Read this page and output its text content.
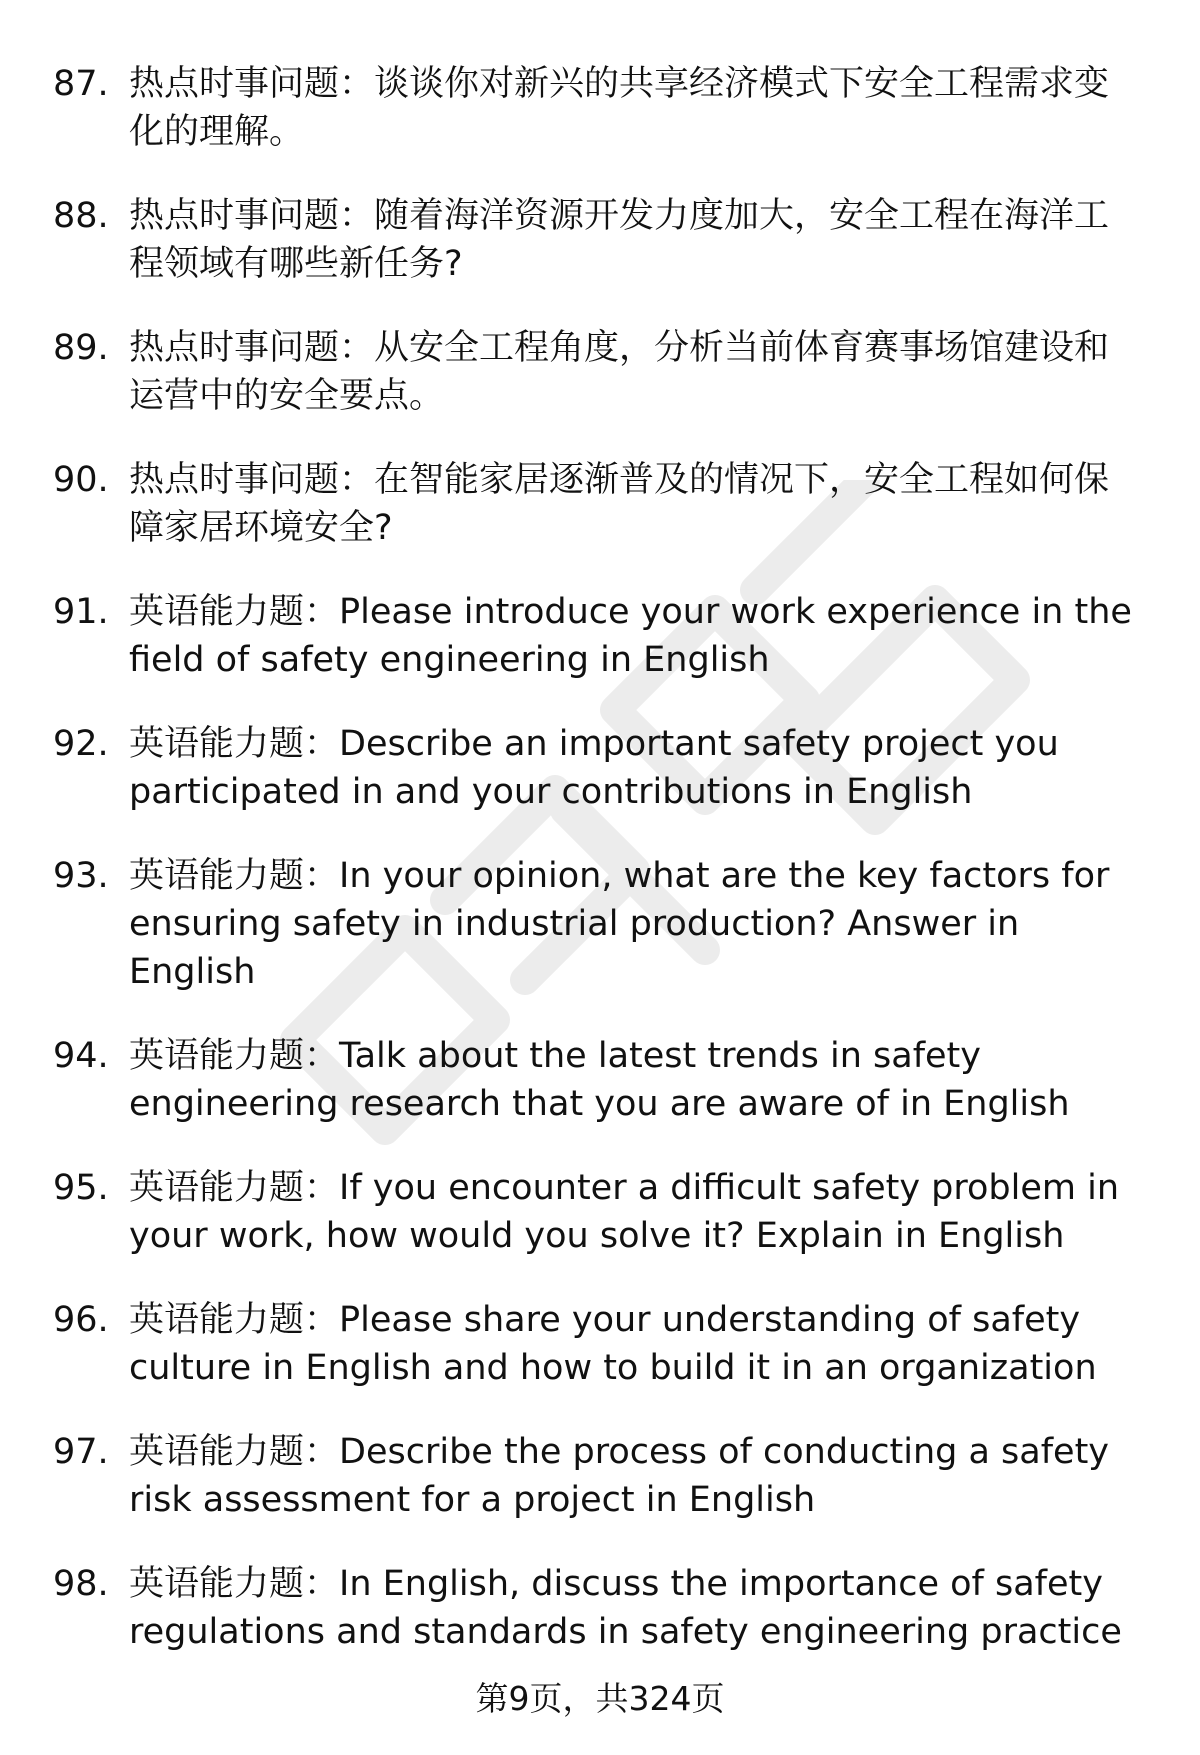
87. 热点时事问题：谈谈你对新兴的共享经济模式下安全工程需求变化的理解。
88. 热点时事问题：随着海洋资源开发力度加大，安全工程在海洋工程领域有哪些新任务?
89. 热点时事问题：从安全工程角度，分析当前体育赛事场馆建设和运营中的安全要点。
90. 热点时事问题：在智能家居逐渐普及的情况下，安全工程如何保障家居环境安全?
91. 英语能力题：Please introduce your work experience in the field of safety engineering in English
92. 英语能力题：Describe an important safety project you participated in and your contributions in English
93. 英语能力题：In your opinion, what are the key factors for ensuring safety in industrial production? Answer in English
94. 英语能力题：Talk about the latest trends in safety engineering research that you are aware of in English
95. 英语能力题：If you encounter a difficult safety problem in your work, how would you solve it? Explain in English
96. 英语能力题：Please share your understanding of safety culture in English and how to build it in an organization
97. 英语能力题：Describe the process of conducting a safety risk assessment for a project in English
98. 英语能力题：In English, discuss the importance of safety regulations and standards in safety engineering practice
第9页，共324页
